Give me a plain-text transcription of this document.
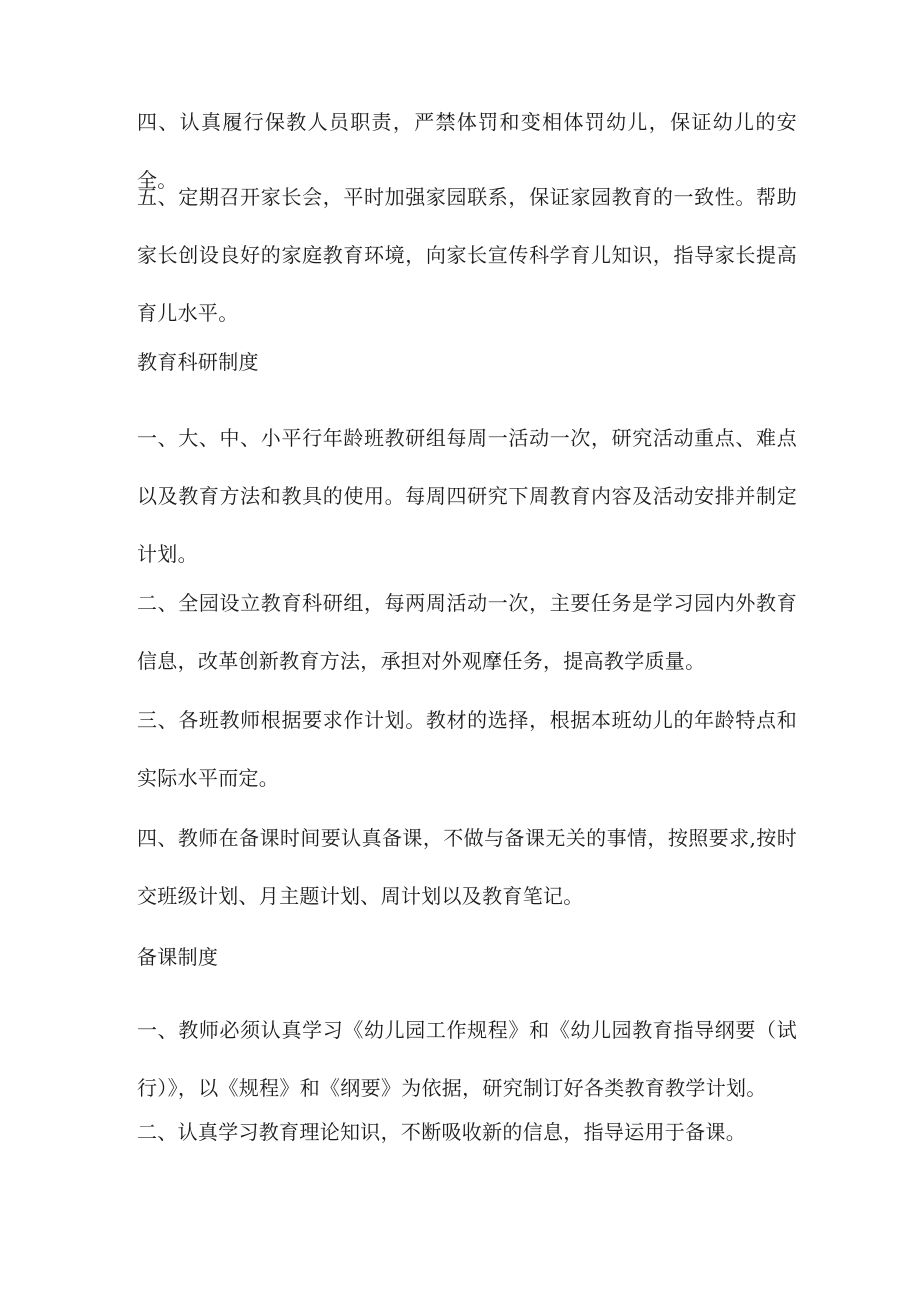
四、认真履行保教人员职责，严禁体罚和变相体罚幼儿，保证幼儿的安全。

五、定期召开家长会，平时加强家园联系，保证家园教育的一致性。帮助家长创设良好的家庭教育环境，向家长宣传科学育儿知识，指导家长提高育儿水平。

教育科研制度

一、大、中、小平行年龄班教研组每周一活动一次，研究活动重点、难点以及教育方法和教具的使用。每周四研究下周教育内容及活动安排并制定计划。

二、全园设立教育科研组，每两周活动一次，主要任务是学习园内外教育信息，改革创新教育方法，承担对外观摩任务，提高教学质量。

三、各班教师根据要求作计划。教材的选择，根据本班幼儿的年龄特点和实际水平而定。

四、教师在备课时间要认真备课，不做与备课无关的事情，按照要求,按时交班级计划、月主题计划、周计划以及教育笔记。

备课制度

一、教师必须认真学习《幼儿园工作规程》和《幼儿园教育指导纲要（试行）》，以《规程》和《纲要》为依据，研究制订好各类教育教学计划。

二、认真学习教育理论知识，不断吸收新的信息，指导运用于备课。
